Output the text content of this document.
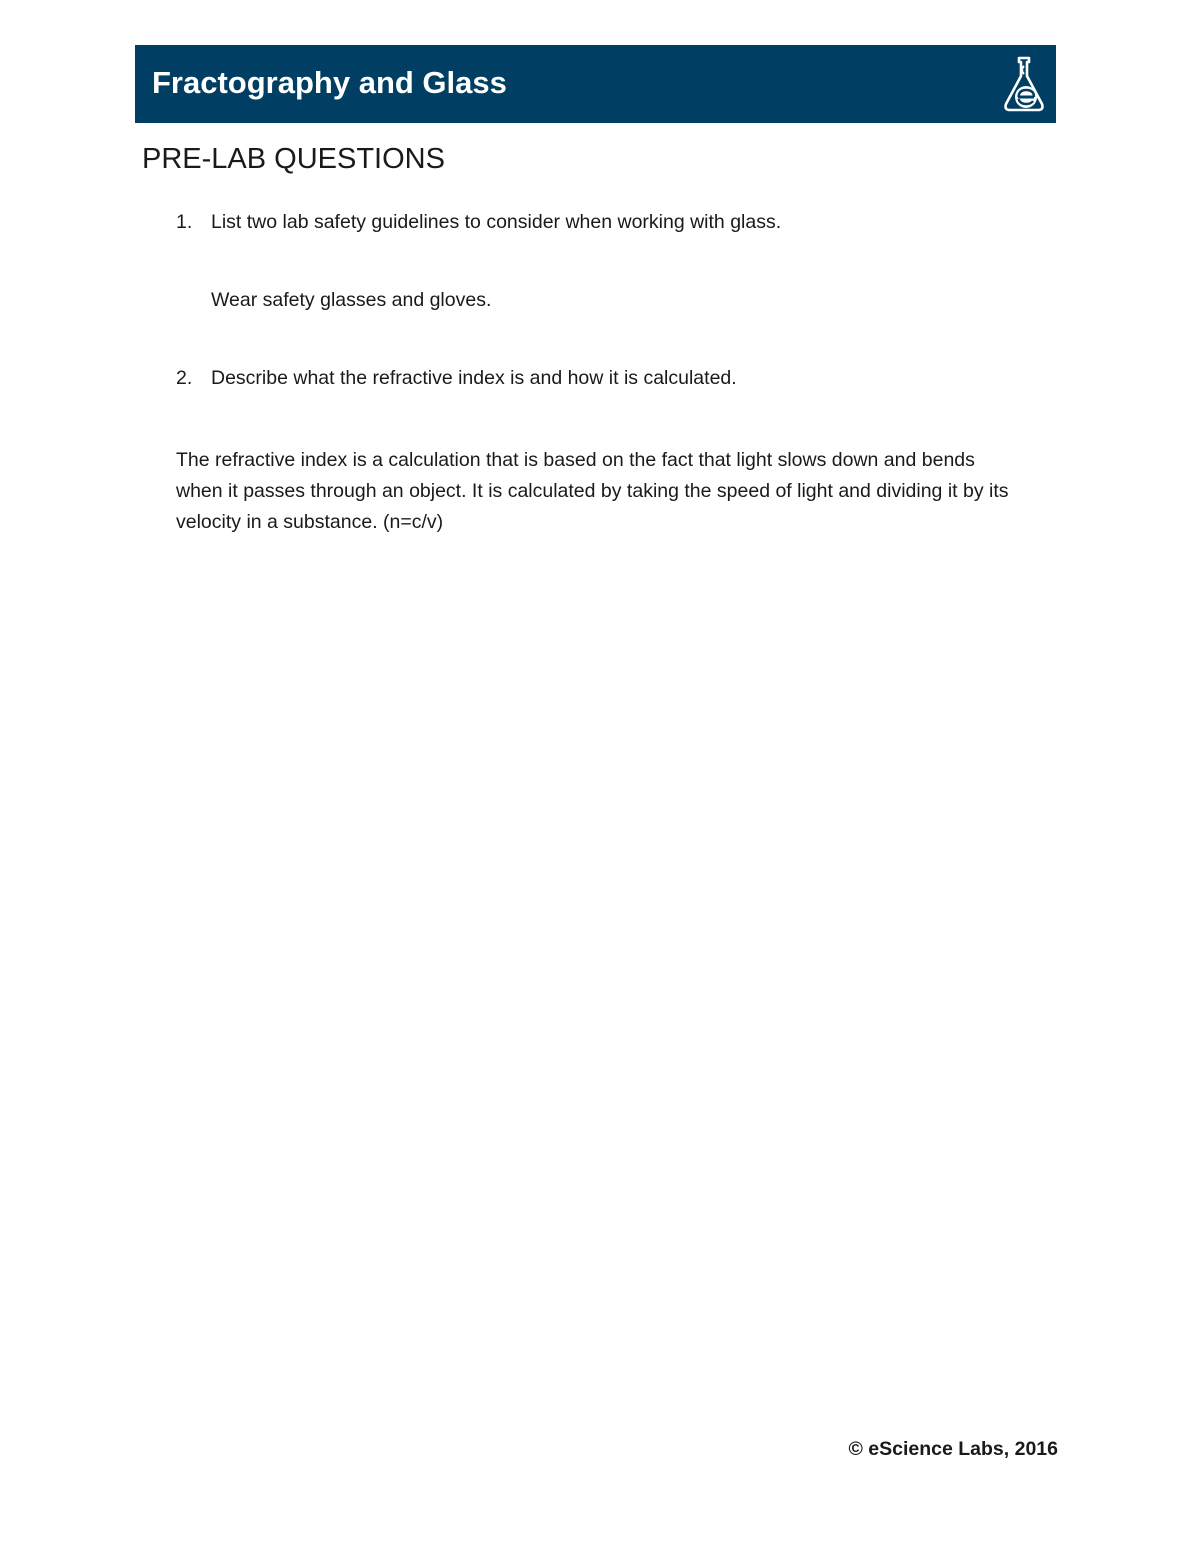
Fractography and Glass
PRE-LAB QUESTIONS
1. List two lab safety guidelines to consider when working with glass.
Wear safety glasses and gloves.
2. Describe what the refractive index is and how it is calculated.
The refractive index is a calculation that is based on the fact that light slows down and bends when it passes through an object. It is calculated by taking the speed of light and dividing it by its velocity in a substance. (n=c/v)
© eScience Labs, 2016
